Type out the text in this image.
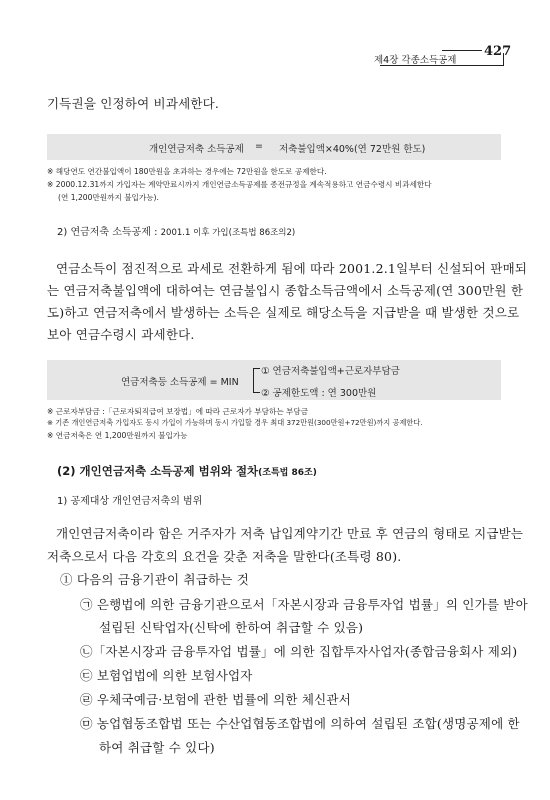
제4장 각종소득공제
427
기득권을 인정하여 비과세한다.
개인연금저축 소득공제 = 저축불입액×40%(연 72만원 한도)
※ 해당연도 연간불입액이 180만원을 초과하는 경우에는 72만원을 한도로 공제한다.
※ 2000.12.31까지 가입자는 계약만료시까지 개인연금소득공제를 종전규정을 계속적용하고 연금수령시 비과세한다
(연 1,200만원까지 불입가능).
2) 연금저축 소득공제 : 2001.1 이후 가입(조특법 86조의2)
연금소득이 점진적으로 과세로 전환하게 됨에 따라 2001.2.1일부터 신설되어 판매되
는 연금저축불입액에 대하여는 연금불입시 종합소득금액에서 소득공제(연 300만원 한
도)하고 연금저축에서 발생하는 소득은 실제로 해당소득을 지급받을 때 발생한 것으로
보아 연금수령시 과세한다.
연금저축등 소득공제 = MIN
① 연금저축불입액+근로자부담금
② 공제한도액 : 연 300만원
※ 근로자부담금 :「근로자퇴직급여 보장법」에 따라 근로자가 부담하는 부담금
※ 기존 개인연금저축 가입자도 동시 가입이 가능하며 동시 가입할 경우 최대 372만원(300만원+72만원)까지 공제한다.
※ 연금저축은 연 1,200만원까지 불입가능
(2) 개인연금저축 소득공제 범위와 절차(조특법 86조)
1) 공제대상 개인연금저축의 범위
개인연금저축이라 함은 거주자가 저축 납입계약기간 만료 후 연금의 형태로 지급받는
저축으로서 다음 각호의 요건을 갖춘 저축을 말한다(조특령 80).
① 다음의 금융기관이 취급하는 것
㉠ 은행법에 의한 금융기관으로서「자본시장과 금융투자업 법률」의 인가를 받아
설립된 신탁업자(신탁에 한하여 취급할 수 있음)
㉡「자본시장과 금융투자업 법률」에 의한 집합투자사업자(종합금융회사 제외)
㉢ 보험업법에 의한 보험사업자
㉣ 우체국예금·보험에 관한 법률에 의한 체신관서
㉤ 농업협동조합법 또는 수산업협동조합법에 의하여 설립된 조합(생명공제에 한
하여 취급할 수 있다)
